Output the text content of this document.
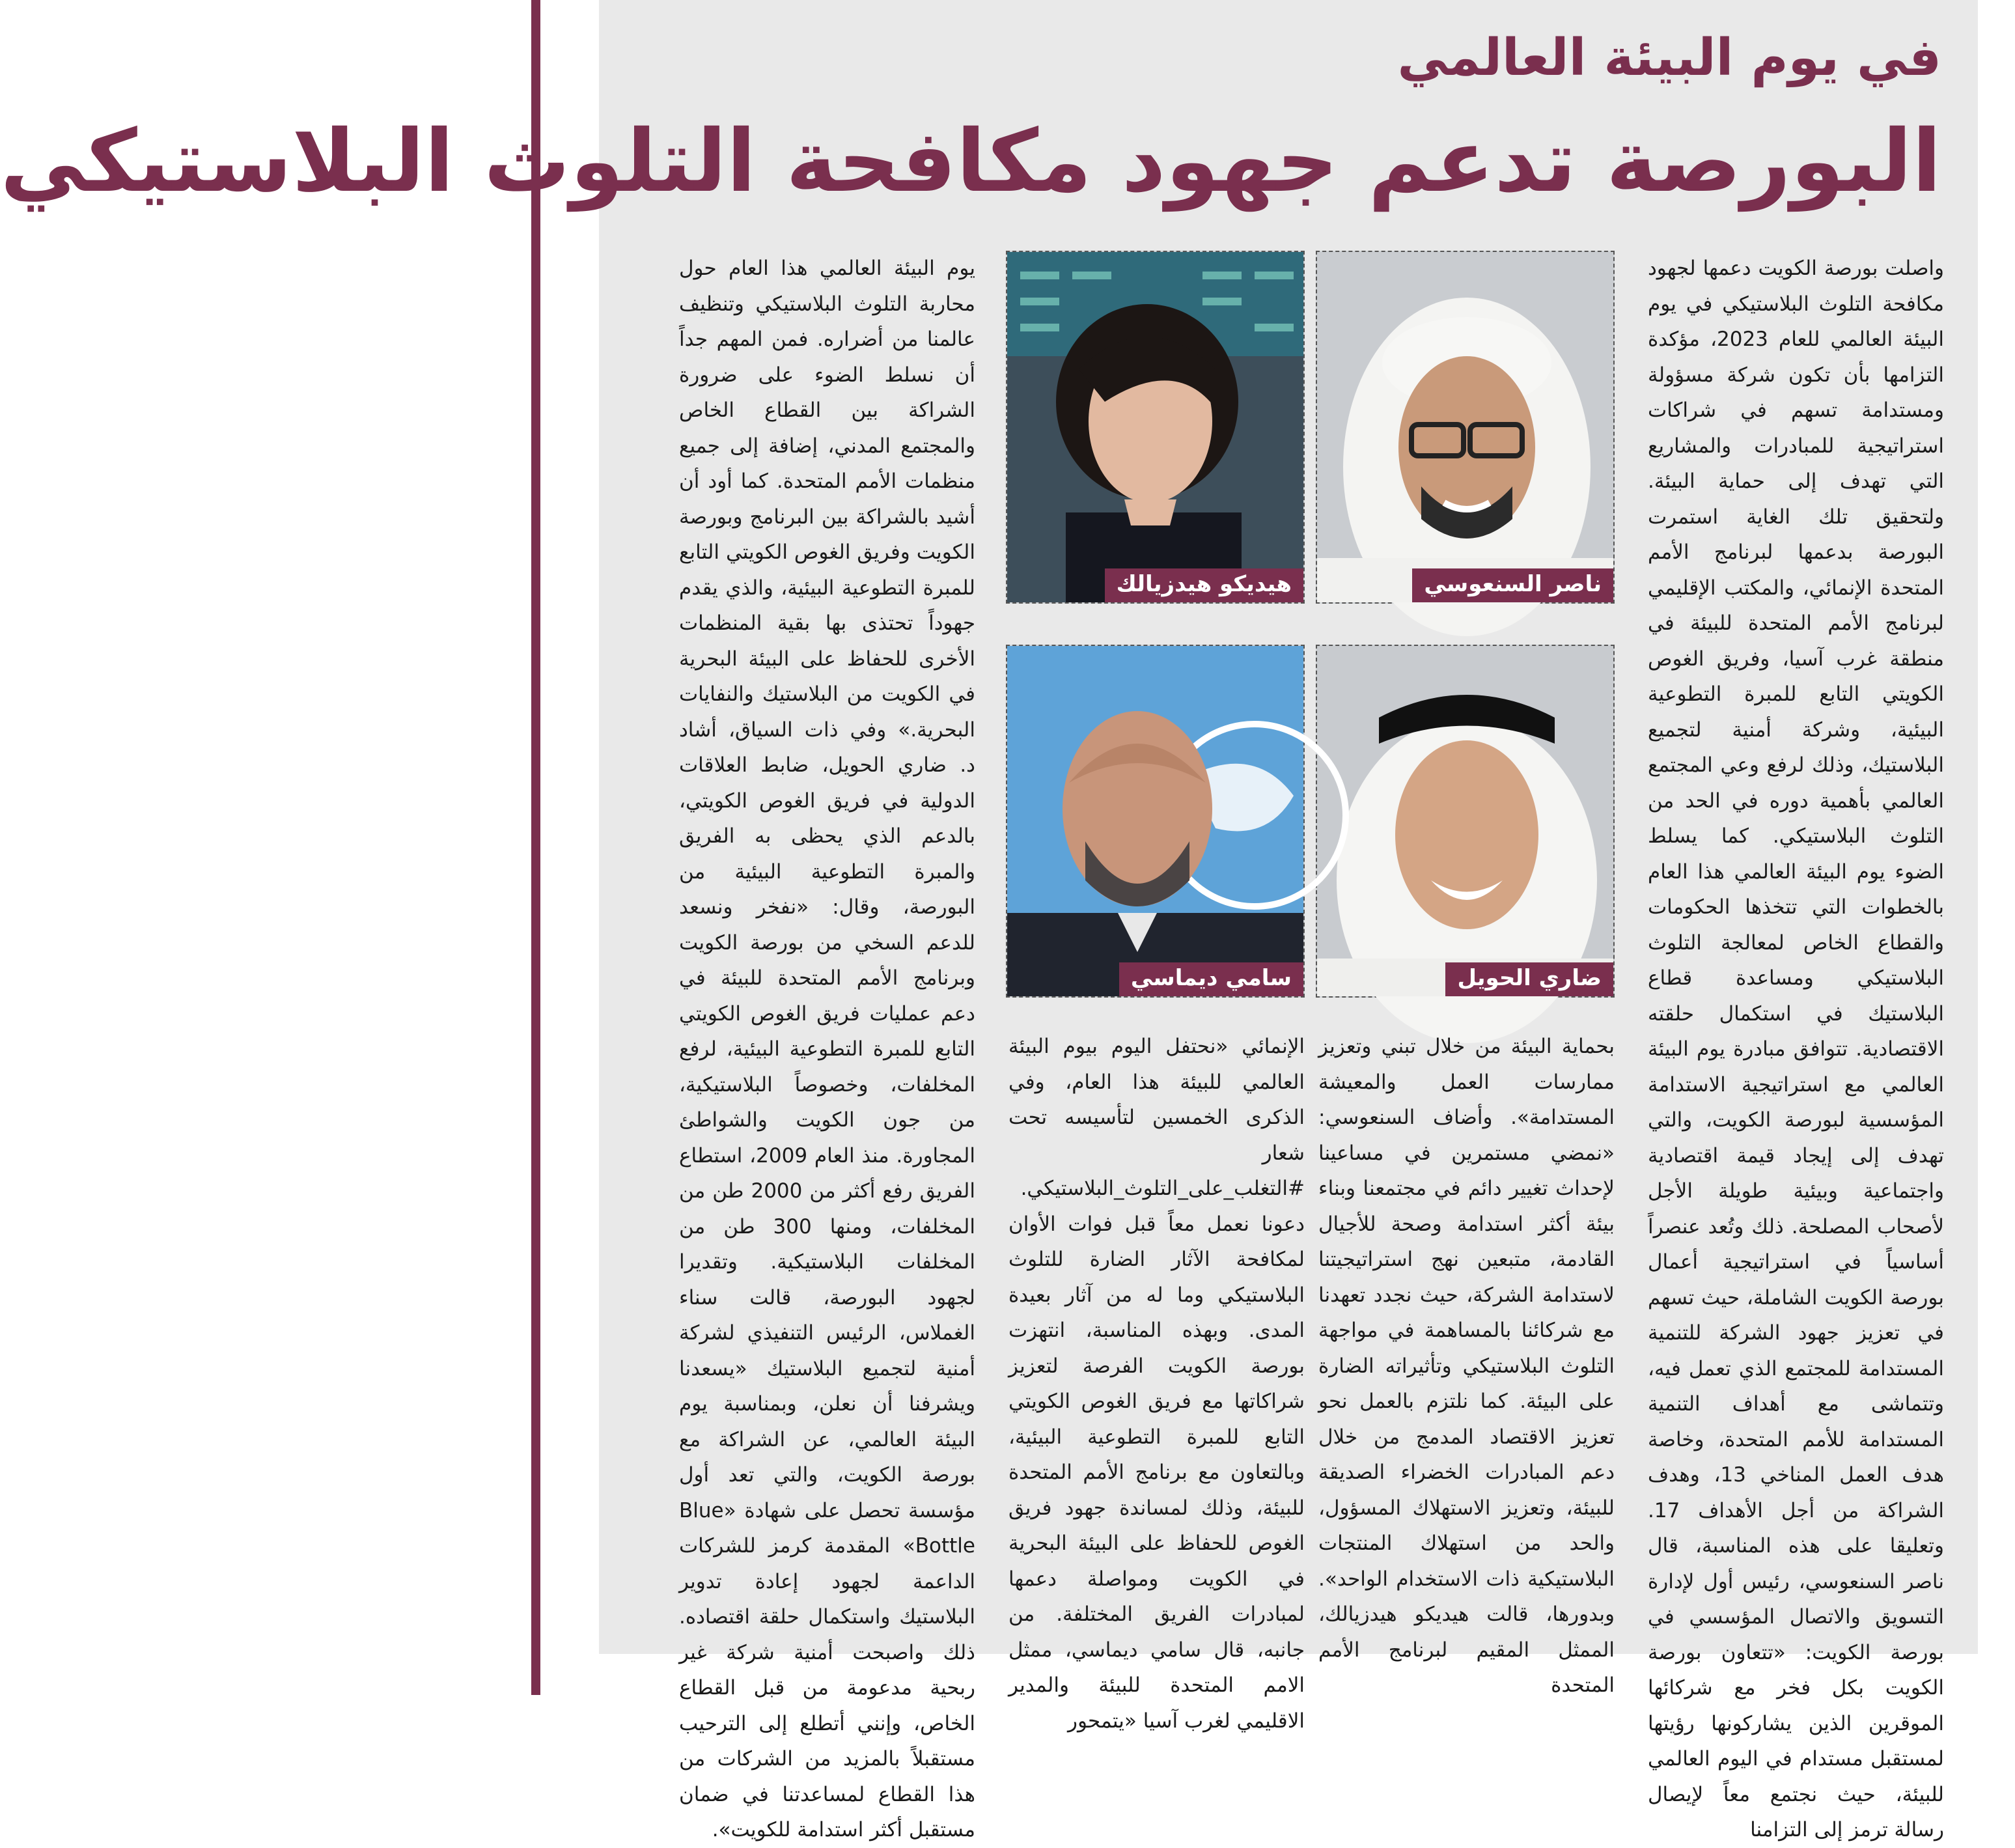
في يوم البيئة العالمي
البورصة تدعم جهود مكافحة التلوث البلاستيكي

واصلت بورصة الكويت دعمها لجهود مكافحة التلوث البلاستيكي في يوم البيئة العالمي للعام 2023، مؤكدة التزامها بأن تكون شركة مسؤولة ومستدامة تسهم في شراكات استراتيجية للمبادرات والمشاريع التي تهدف إلى حماية البيئة. ولتحقيق تلك الغاية استمرت البورصة بدعمها لبرنامج الأمم المتحدة الإنمائي، والمكتب الإقليمي لبرنامج الأمم المتحدة للبيئة في منطقة غرب آسيا، وفريق الغوص الكويتي التابع للمبرة التطوعية البيئية، وشركة أمنية لتجميع البلاستيك، وذلك لرفع وعي المجتمع العالمي بأهمية دوره في الحد من التلوث البلاستيكي. كما يسلط الضوء يوم البيئة العالمي هذا العام بالخطوات التي تتخذها الحكومات والقطاع الخاص لمعالجة التلوث البلاستيكي ومساعدة قطاع البلاستيك في استكمال حلقته الاقتصادية. تتوافق مبادرة يوم البيئة العالمي مع استراتيجية الاستدامة المؤسسية لبورصة الكويت، والتي تهدف إلى إيجاد قيمة اقتصادية واجتماعية وبيئية طويلة الأجل لأصحاب المصلحة. ذلك وتُعد عنصراً أساسياً في استراتيجية أعمال بورصة الكويت الشاملة، حيث تسهم في تعزيز جهود الشركة للتنمية المستدامة للمجتمع الذي تعمل فيه، وتتماشى مع أهداف التنمية المستدامة للأمم المتحدة، وخاصة هدف العمل المناخي 13، وهدف الشراكة من أجل الأهداف 17. وتعليقا على هذه المناسبة، قال ناصر السنعوسي، رئيس أول لإدارة التسويق والاتصال المؤسسي في بورصة الكويت: «تتعاون بورصة الكويت بكل فخر مع شركائها الموقرين الذين يشاركونها رؤيتها لمستقبل مستدام في اليوم العالمي للبيئة، حيث نجتمع معاً لإيصال رسالة ترمز إلى التزامنا

ناصر السنعوسي
هيديكو هيدزيالك
ضاري الحويل
سامي ديماسي

بحماية البيئة من خلال تبني وتعزيز ممارسات العمل والمعيشة المستدامة». وأضاف السنعوسي: «نمضي مستمرين في مساعينا لإحداث تغيير دائم في مجتمعنا وبناء بيئة أكثر استدامة وصحة للأجيال القادمة، متبعين نهج استراتيجيتنا لاستدامة الشركة، حيث نجدد تعهدنا مع شركائنا بالمساهمة في مواجهة التلوث البلاستيكي وتأثيراته الضارة على البيئة. كما نلتزم بالعمل نحو تعزيز الاقتصاد المدمج من خلال دعم المبادرات الخضراء الصديقة للبيئة، وتعزيز الاستهلاك المسؤول، والحد من استهلاك المنتجات البلاستيكية ذات الاستخدام الواحد». وبدورها، قالت هيديكو هيدزيالك، الممثل المقيم لبرنامج الأمم المتحدة

الإنمائي «نحتفل اليوم بيوم البيئة العالمي للبيئة هذا العام، وفي الذكرى الخمسين لتأسيسه تحت شعار #التغلب_على_التلوث_البلاستيكي. دعونا نعمل معاً قبل فوات الأوان لمكافحة الآثار الضارة للتلوث البلاستيكي وما له من آثار بعيدة المدى. وبهذه المناسبة، انتهزت بورصة الكويت الفرصة لتعزيز شراكاتها مع فريق الغوص الكويتي التابع للمبرة التطوعية البيئية، وبالتعاون مع برنامج الأمم المتحدة للبيئة، وذلك لمساندة جهود فريق الغوص للحفاظ على البيئة البحرية في الكويت ومواصلة دعمها لمبادرات الفريق المختلفة. من جانبه، قال سامي ديماسي، ممثل الامم المتحدة للبيئة والمدير الاقليمي لغرب آسيا «يتمحور

يوم البيئة العالمي هذا العام حول محاربة التلوث البلاستيكي وتنظيف عالمنا من أضراره. فمن المهم جداً أن نسلط الضوء على ضرورة الشراكة بين القطاع الخاص والمجتمع المدني، إضافة إلى جميع منظمات الأمم المتحدة. كما أود أن أشيد بالشراكة بين البرنامج وبورصة الكويت وفريق الغوص الكويتي التابع للمبرة التطوعية البيئية، والذي يقدم جهوداً تحتذى بها بقية المنظمات الأخرى للحفاظ على البيئة البحرية في الكويت من البلاستيك والنفايات البحرية.» وفي ذات السياق، أشاد د. ضاري الحويل، ضابط العلاقات الدولية في فريق الغوص الكويتي، بالدعم الذي يحظى به الفريق والمبرة التطوعية البيئية من البورصة، وقال: «نفخر ونسعد للدعم السخي من بورصة الكويت وبرنامج الأمم المتحدة للبيئة في دعم عمليات فريق الغوص الكويتي التابع للمبرة التطوعية البيئية، لرفع المخلفات، وخصوصاً البلاستيكية، من جون الكويت والشواطئ المجاورة. منذ العام 2009، استطاع الفريق رفع أكثر من 2000 طن من المخلفات، ومنها 300 طن من المخلفات البلاستيكية. وتقديرا لجهود البورصة، قالت سناء الغملاس، الرئيس التنفيذي لشركة أمنية لتجميع البلاستيك «يسعدنا ويشرفنا أن نعلن، وبمناسبة يوم البيئة العالمي، عن الشراكة مع بورصة الكويت، والتي تعد أول مؤسسة تحصل على شهادة «Blue Bottle» المقدمة كرمز للشركات الداعمة لجهود إعادة تدوير البلاستيك واستكمال حلقة اقتصاده. ذلك واصبحت أمنية شركة غير ربحية مدعومة من قبل القطاع الخاص، وإنني أتطلع إلى الترحيب مستقبلاً بالمزيد من الشركات من هذا القطاع لمساعدتنا في ضمان مستقبل أكثر استدامة للكويت».
